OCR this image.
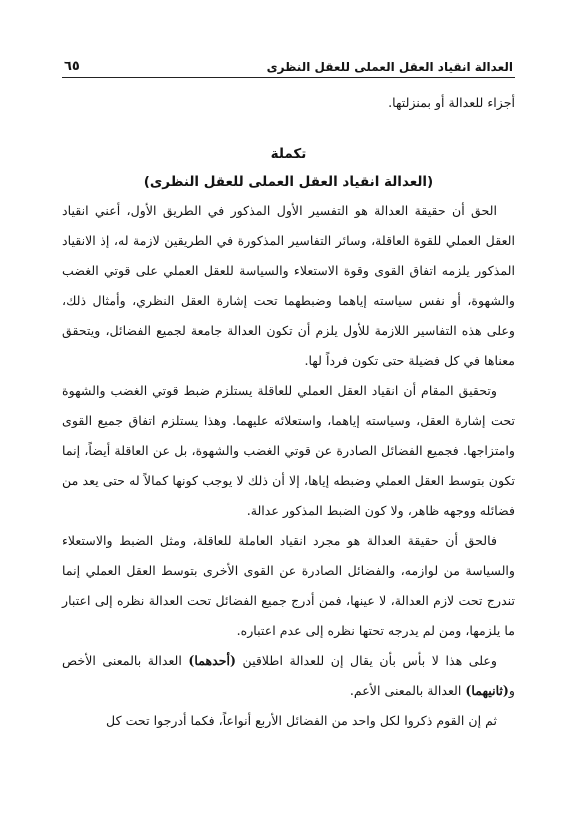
العدالة انقياد العقل العملى للعقل النظرى
٦٥

أجزاء للعدالة أو بمنزلتها.

تكملة

(العدالة انقياد العقل العملى للعقل النظرى)

الحق أن حقيقة العدالة هو التفسير الأول المذكور في الطريق الأول، أعني انقياد العقل العملي للقوة العاقلة، وسائر التفاسير المذكورة في الطريقين لازمة له، إذ الانقياد المذكور يلزمه اتفاق القوى وقوة الاستعلاء والسياسة للعقل العملي على قوتي الغضب والشهوة، أو نفس سياسته إياهما وضبطهما تحت إشارة العقل النظري، وأمثال ذلك، وعلى هذه التفاسير اللازمة للأول يلزم أن تكون العدالة جامعة لجميع الفضائل، ويتحقق معناها في كل فضيلة حتى تكون فرداً لها.

وتحقيق المقام أن انقياد العقل العملي للعاقلة يستلزم ضبط قوتي الغضب والشهوة تحت إشارة العقل، وسياسته إياهما، واستعلائه عليهما. وهذا يستلزم اتفاق جميع القوى وامتزاجها. فجميع الفضائل الصادرة عن قوتي الغضب والشهوة، بل عن العاقلة أيضاً، إنما تكون بتوسط العقل العملي وضبطه إياها، إلا أن ذلك لا يوجب كونها كمالاً له حتى يعد من فضائله ووجهه ظاهر، ولا كون الضبط المذكور عدالة.

فالحق أن حقيقة العدالة هو مجرد انقياد العاملة للعاقلة، ومثل الضبط والاستعلاء والسياسة من لوازمه، والفضائل الصادرة عن القوى الأخرى بتوسط العقل العملي إنما تندرج تحت لازم العدالة، لا عينها، فمن أدرج جميع الفضائل تحت العدالة نظره إلى اعتبار ما يلزمها، ومن لم يدرجه تحتها نظره إلى عدم اعتباره.

وعلى هذا لا بأس بأن يقال إن للعدالة اطلاقين (أحدهما) العدالة بالمعنى الأخص و(ثانيهما) العدالة بالمعنى الأعم.

ثم إن القوم ذكروا لكل واحد من الفضائل الأربع أنواعاً، فكما أدرجوا تحت كل
